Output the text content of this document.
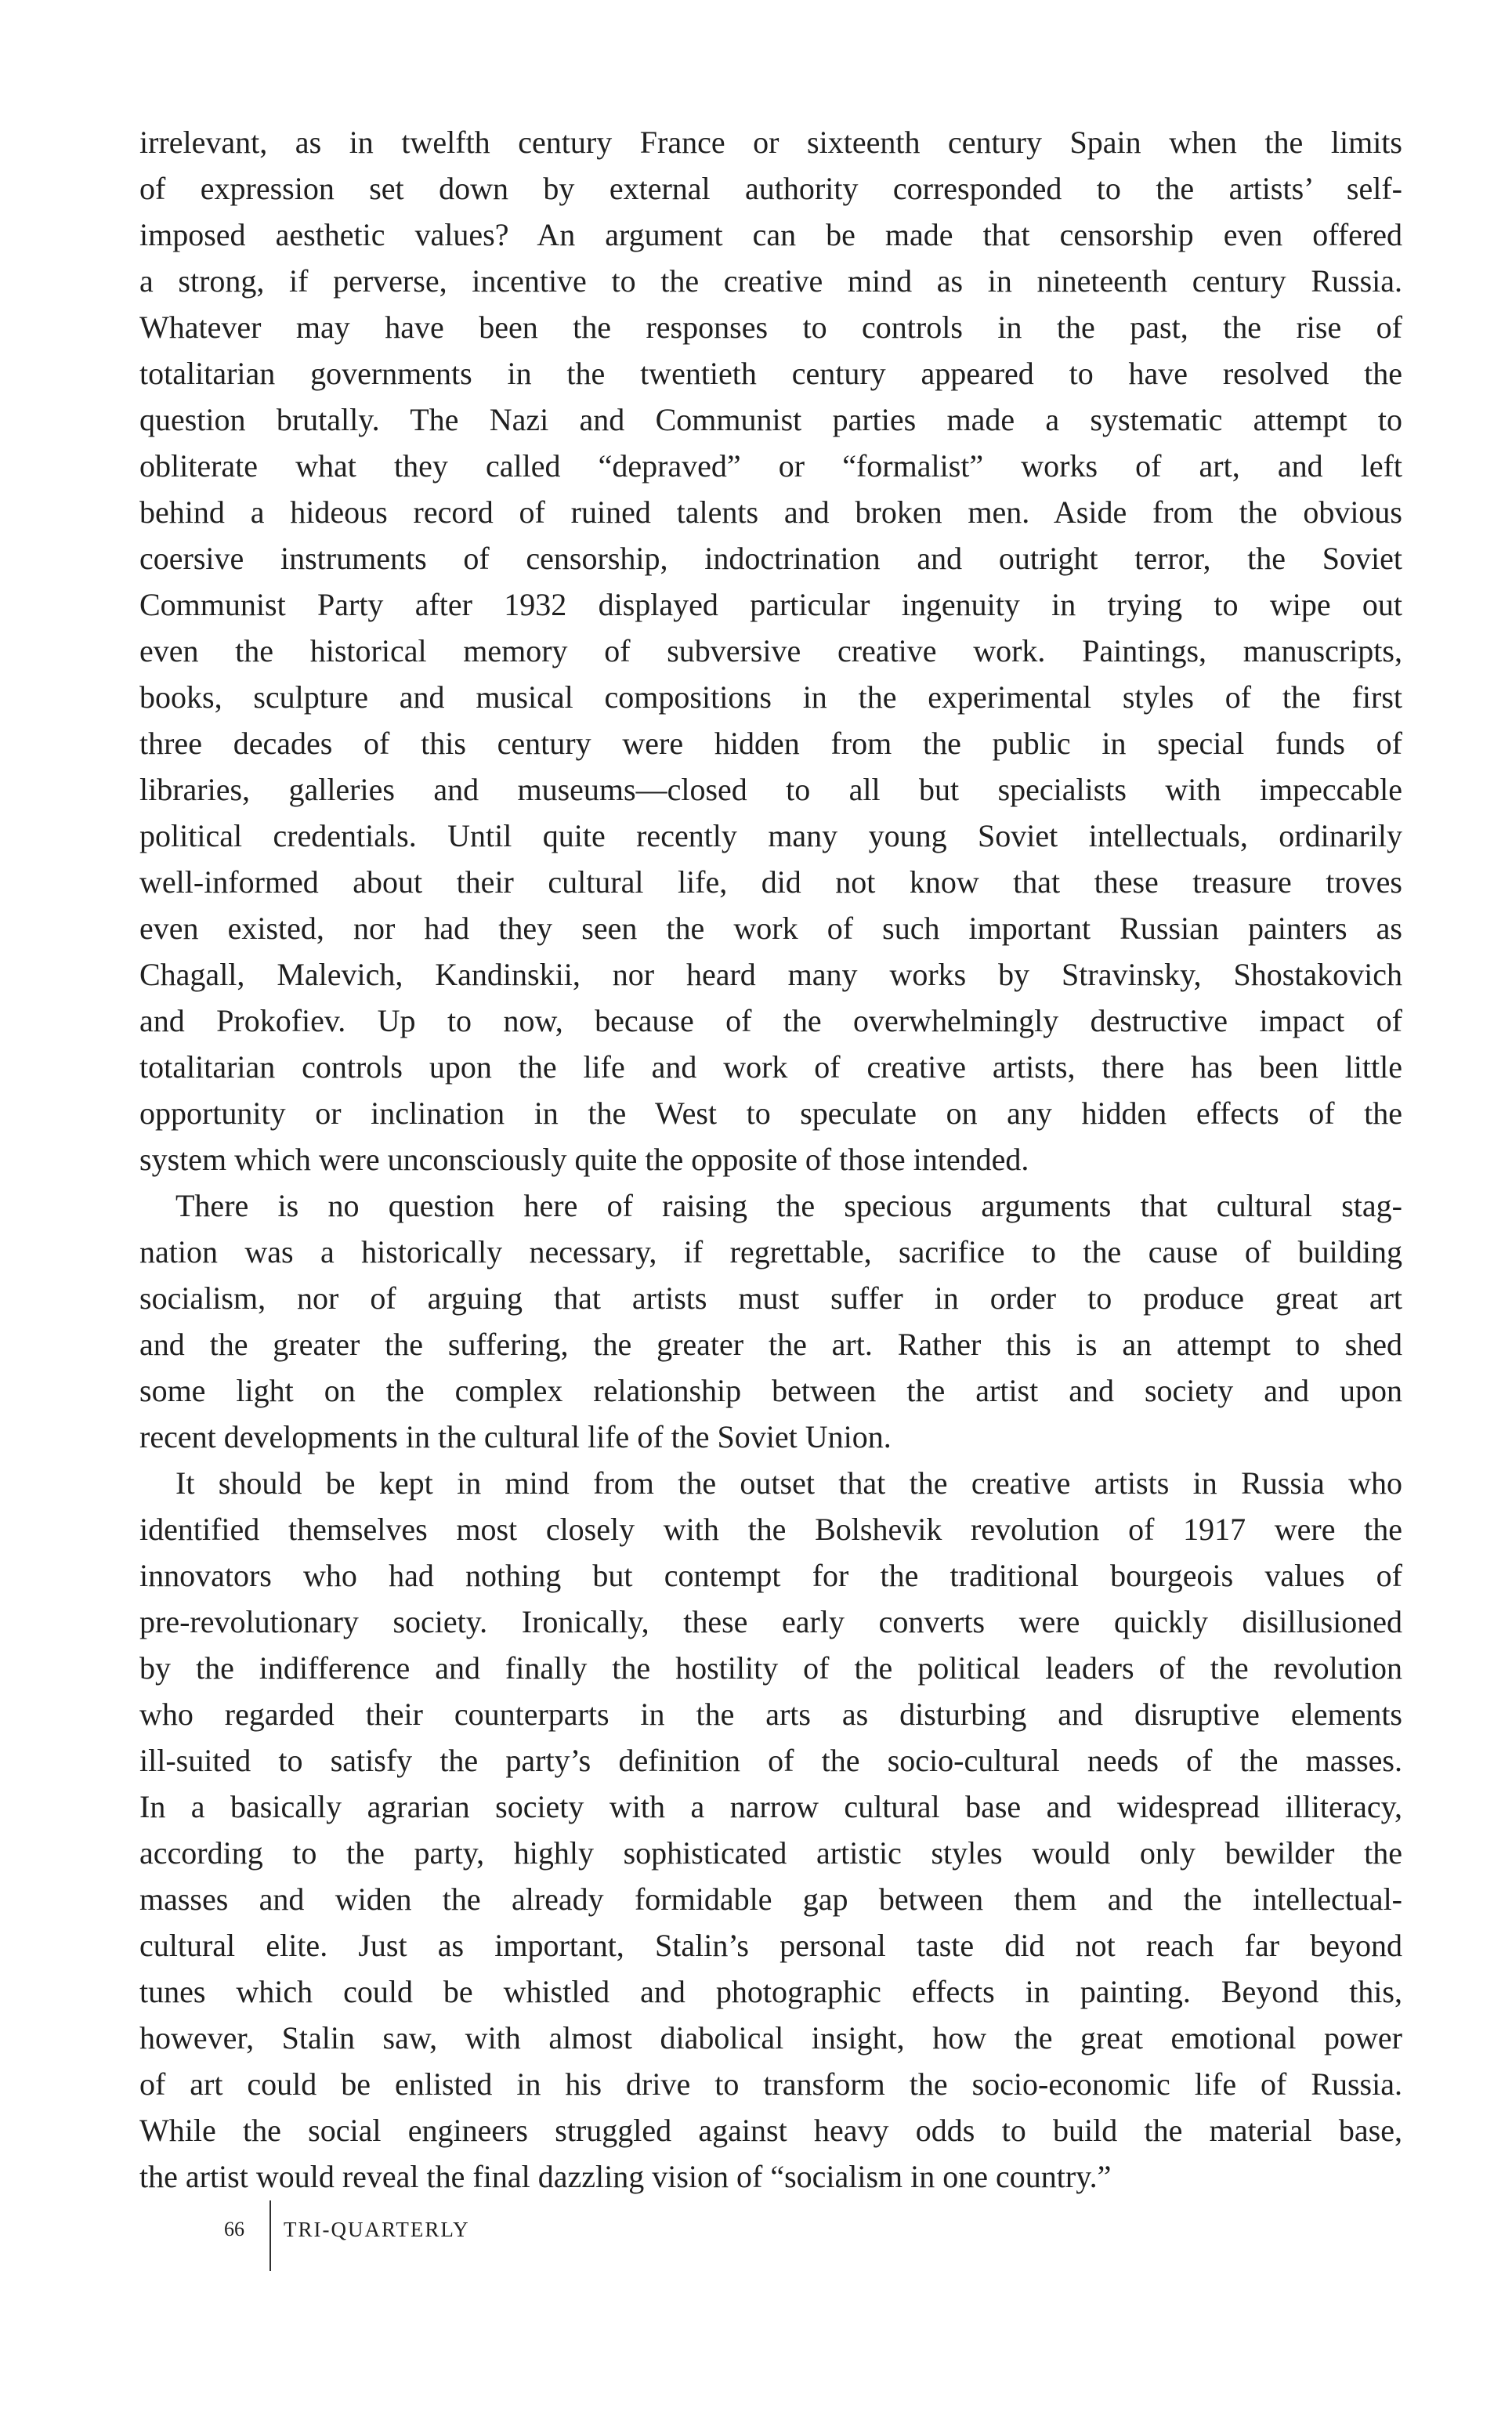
irrelevant, as in twelfth century France or sixteenth century Spain when the limits
of expression set down by external authority corresponded to the artists’ self-
imposed aesthetic values? An argument can be made that censorship even offered
a strong, if perverse, incentive to the creative mind as in nineteenth century Russia.
Whatever may have been the responses to controls in the past, the rise of
totalitarian governments in the twentieth century appeared to have resolved the
question brutally. The Nazi and Communist parties made a systematic attempt to
obliterate what they called “depraved” or “formalist” works of art, and left
behind a hideous record of ruined talents and broken men. Aside from the obvious
coersive instruments of censorship, indoctrination and outright terror, the Soviet
Communist Party after 1932 displayed particular ingenuity in trying to wipe out
even the historical memory of subversive creative work. Paintings, manuscripts,
books, sculpture and musical compositions in the experimental styles of the first
three decades of this century were hidden from the public in special funds of
libraries, galleries and museums—closed to all but specialists with impeccable
political credentials. Until quite recently many young Soviet intellectuals, ordinarily
well-informed about their cultural life, did not know that these treasure troves
even existed, nor had they seen the work of such important Russian painters as
Chagall, Malevich, Kandinskii, nor heard many works by Stravinsky, Shostakovich
and Prokofiev. Up to now, because of the overwhelmingly destructive impact of
totalitarian controls upon the life and work of creative artists, there has been little
opportunity or inclination in the West to speculate on any hidden effects of the
system which were unconsciously quite the opposite of those intended.
There is no question here of raising the specious arguments that cultural stag-
nation was a historically necessary, if regrettable, sacrifice to the cause of building
socialism, nor of arguing that artists must suffer in order to produce great art
and the greater the suffering, the greater the art. Rather this is an attempt to shed
some light on the complex relationship between the artist and society and upon
recent developments in the cultural life of the Soviet Union.
It should be kept in mind from the outset that the creative artists in Russia who
identified themselves most closely with the Bolshevik revolution of 1917 were the
innovators who had nothing but contempt for the traditional bourgeois values of
pre-revolutionary society. Ironically, these early converts were quickly disillusioned
by the indifference and finally the hostility of the political leaders of the revolution
who regarded their counterparts in the arts as disturbing and disruptive elements
ill-suited to satisfy the party’s definition of the socio-cultural needs of the masses.
In a basically agrarian society with a narrow cultural base and widespread illiteracy,
according to the party, highly sophisticated artistic styles would only bewilder the
masses and widen the already formidable gap between them and the intellectual-
cultural elite. Just as important, Stalin’s personal taste did not reach far beyond
tunes which could be whistled and photographic effects in painting. Beyond this,
however, Stalin saw, with almost diabolical insight, how the great emotional power
of art could be enlisted in his drive to transform the socio-economic life of Russia.
While the social engineers struggled against heavy odds to build the material base,
the artist would reveal the final dazzling vision of “socialism in one country.”
66 TRI-QUARTERLY
